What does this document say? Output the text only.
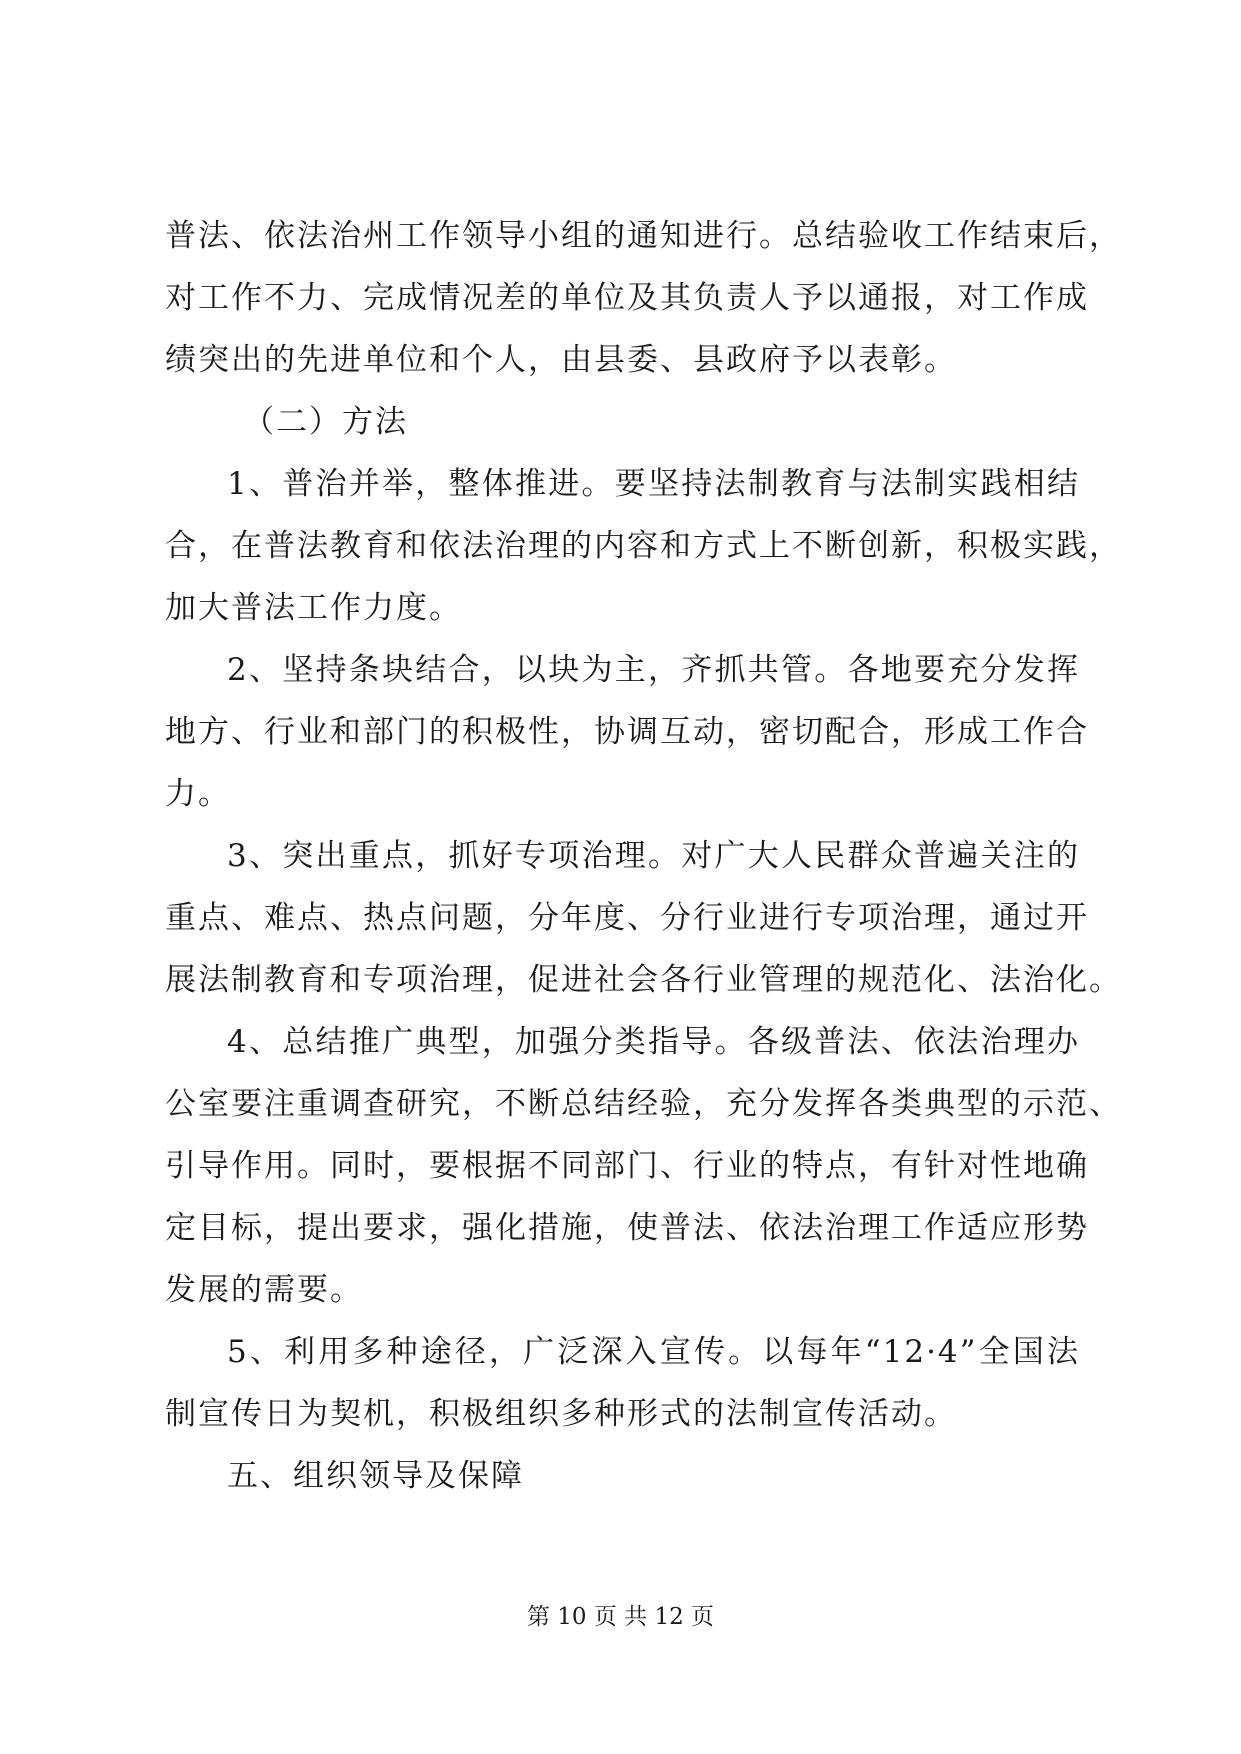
普法、依法治州工作领导小组的通知进行。总结验收工作结束后，
对工作不力、完成情况差的单位及其负责人予以通报，对工作成
绩突出的先进单位和个人，由县委、县政府予以表彰。
（二）方法
1、普治并举，整体推进。要坚持法制教育与法制实践相结
合，在普法教育和依法治理的内容和方式上不断创新，积极实践，
加大普法工作力度。
2、坚持条块结合，以块为主，齐抓共管。各地要充分发挥
地方、行业和部门的积极性，协调互动，密切配合，形成工作合
力。
3、突出重点，抓好专项治理。对广大人民群众普遍关注的
重点、难点、热点问题，分年度、分行业进行专项治理，通过开
展法制教育和专项治理，促进社会各行业管理的规范化、法治化。
4、总结推广典型，加强分类指导。各级普法、依法治理办
公室要注重调查研究，不断总结经验，充分发挥各类典型的示范、
引导作用。同时，要根据不同部门、行业的特点，有针对性地确
定目标，提出要求，强化措施，使普法、依法治理工作适应形势
发展的需要。
5、利用多种途径，广泛深入宣传。以每年“12·4”全国法
制宣传日为契机，积极组织多种形式的法制宣传活动。
五、组织领导及保障
第 10 页 共 12 页
